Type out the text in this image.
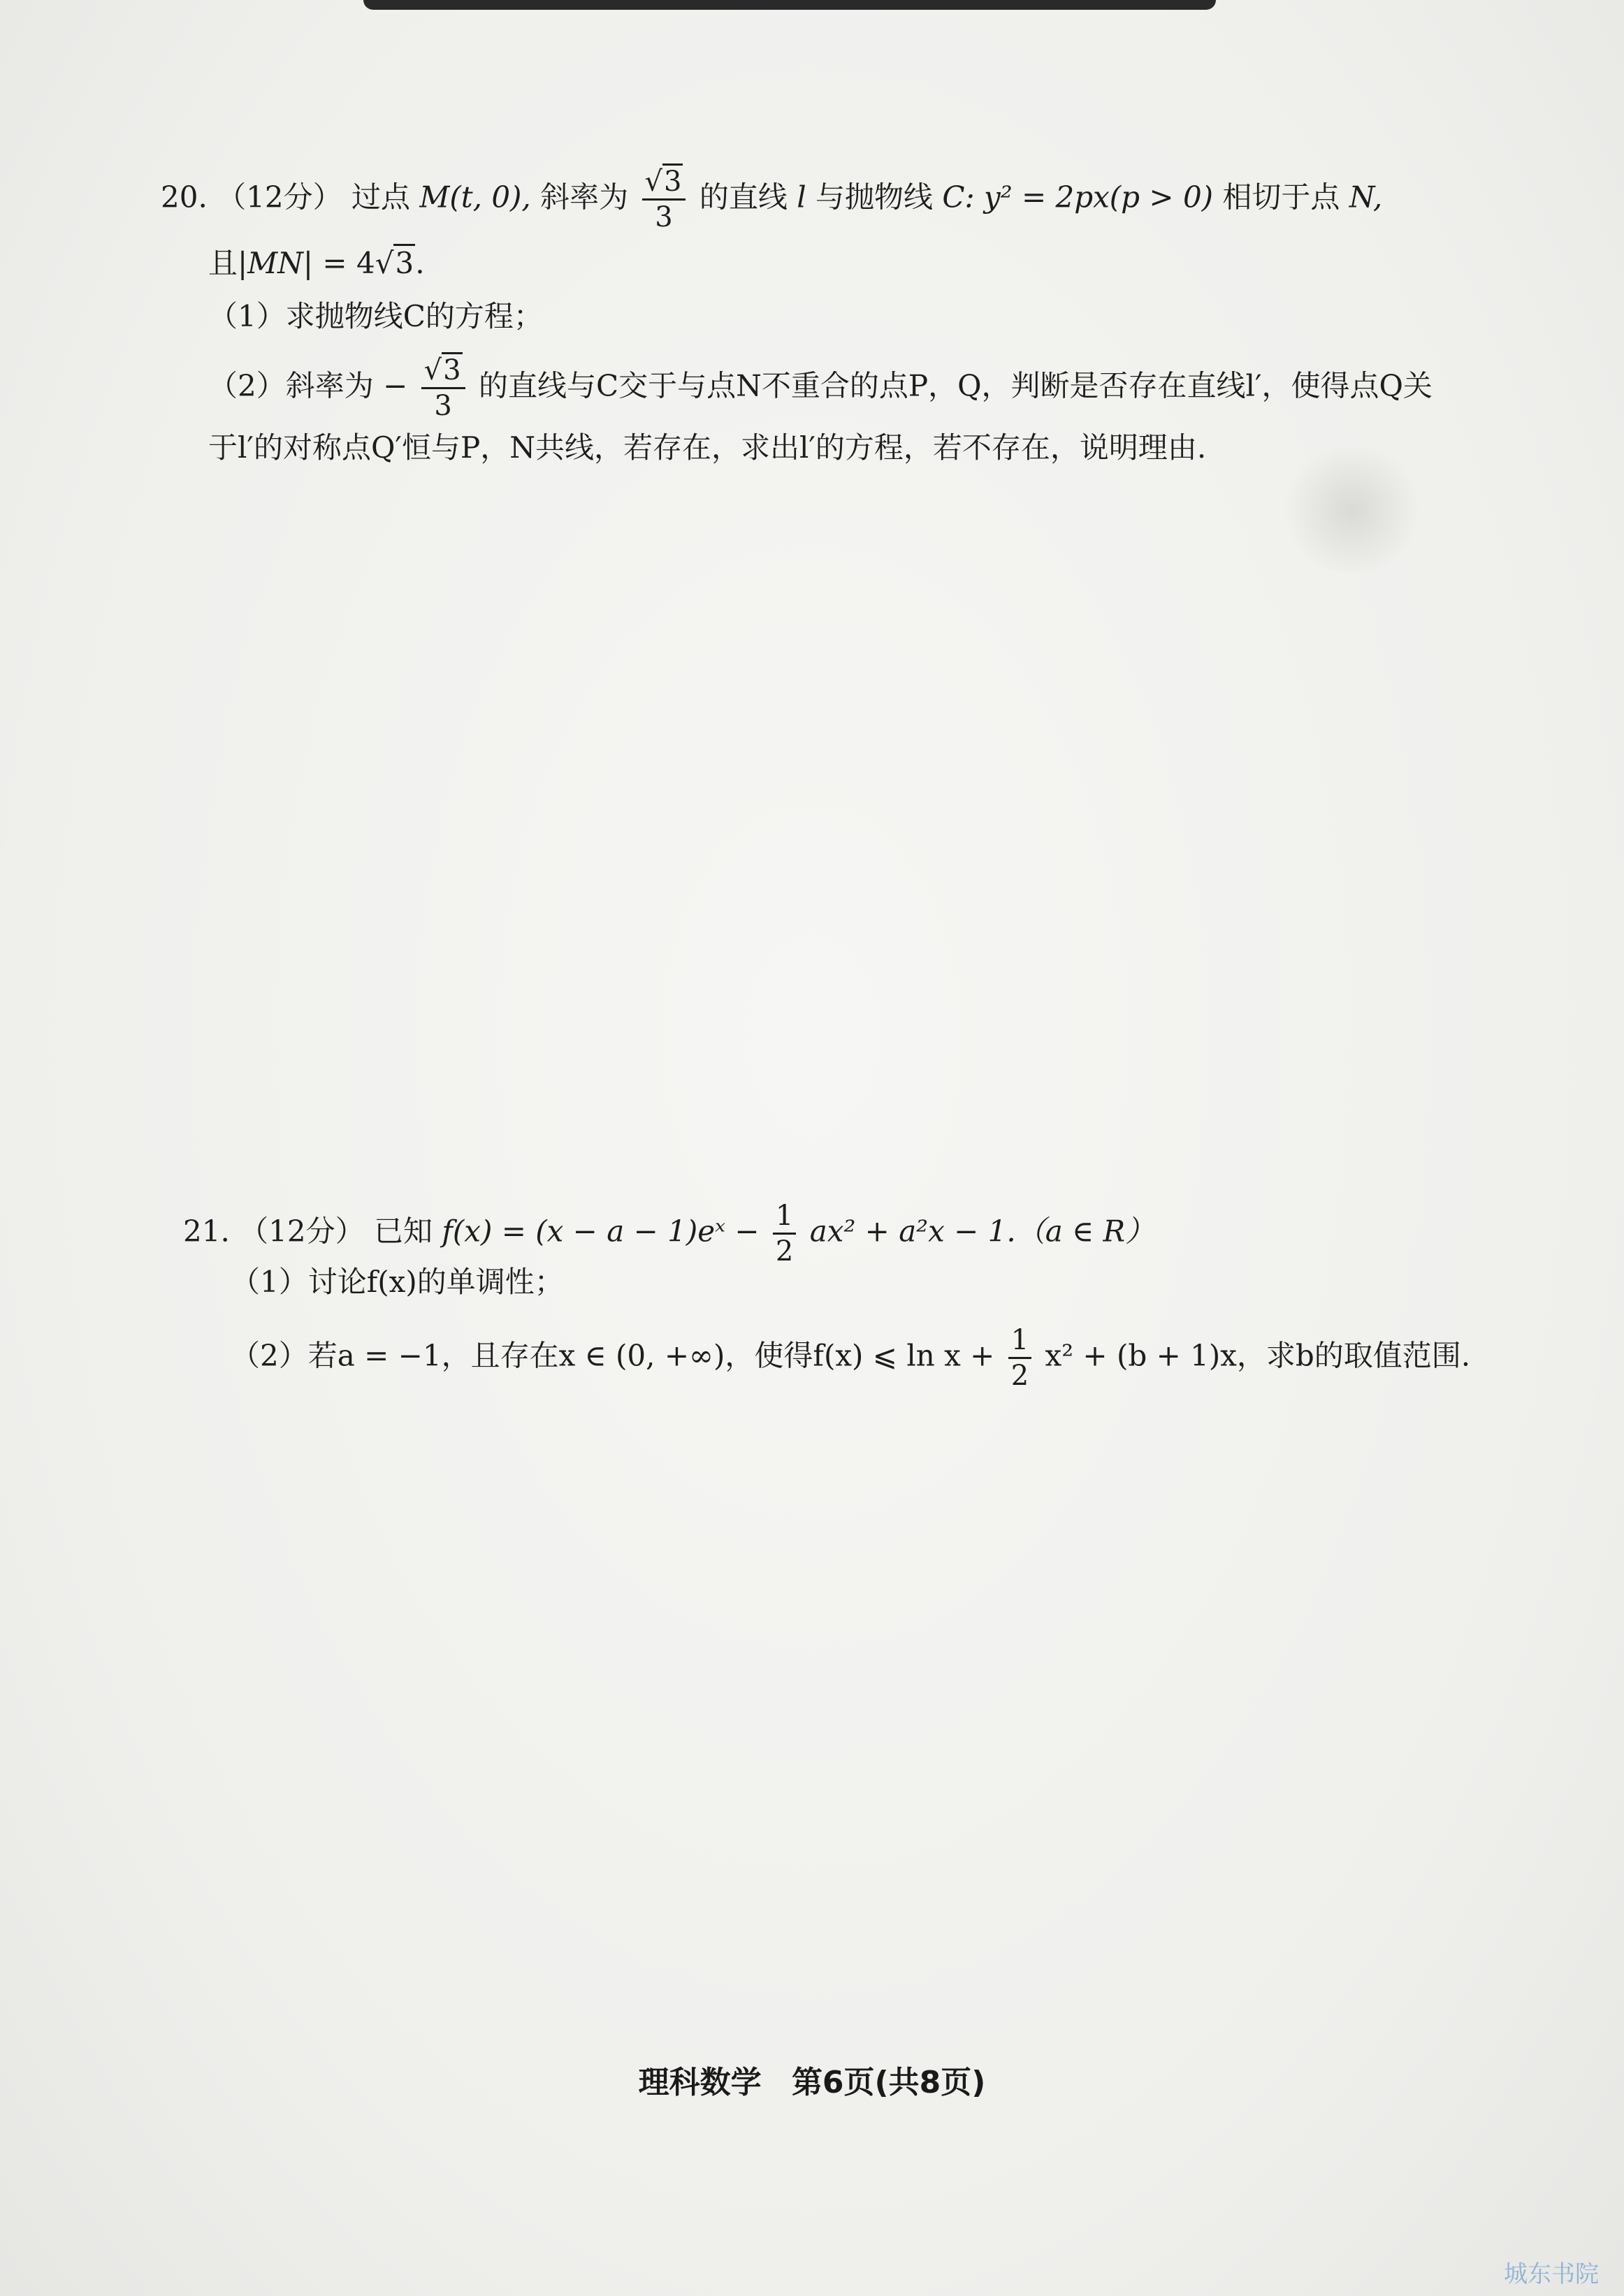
20. （12分） 过点 M(t, 0), 斜率为 $\frac{√3}{3}$ 的直线 l 与抛物线 C: y² = 2px(p > 0) 相切于点 N,
且|MN| = 4√3.
（1）求抛物线C的方程；
（2）斜率为 − $\frac{√3}{3}$ 的直线与C交于与点N不重合的点P，Q，判断是否存在直线l′，使得点Q关
于l′的对称点Q′恒与P，N共线，若存在，求出l′的方程，若不存在，说明理由.
21. （12分） 已知 f(x) = (x − a − 1)eˣ − $\frac{1}{2} ax^2 + a^2x - 1.(a$ ∈ R）
（1）讨论f(x)的单调性；
（2）若a = −1，且存在x ∈ (0, +∞)，使得f(x) ⩽ $\ln x + \frac{1}{2} x^2 + (b + 1)x$，求b的取值范围.
理科数学 第6页(共8页)
城东书院
